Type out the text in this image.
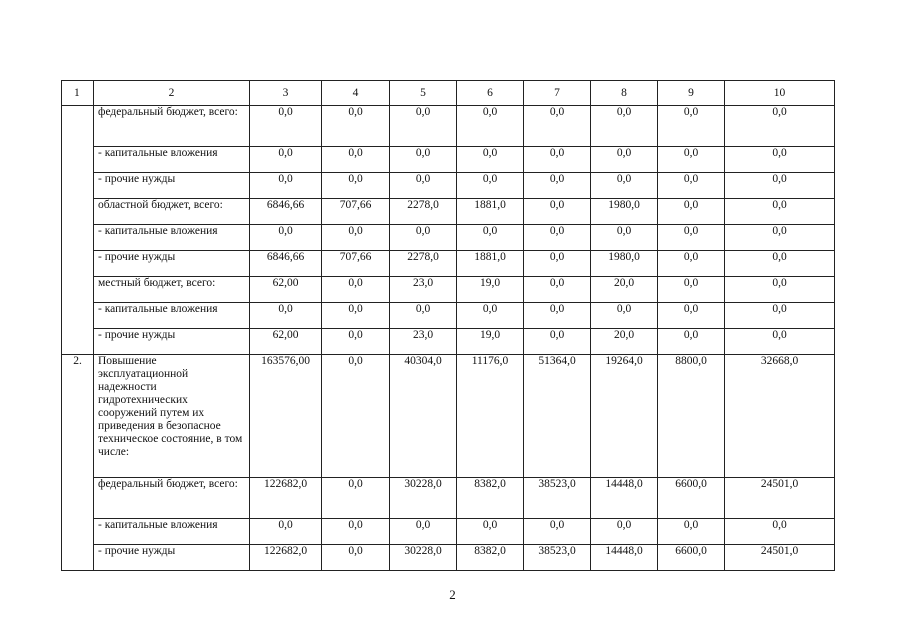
1	2	3	4	5	6	7	8	9	10
	федеральный бюджет, всего:	0,0	0,0	0,0	0,0	0,0	0,0	0,0	0,0
	- капитальные вложения	0,0	0,0	0,0	0,0	0,0	0,0	0,0	0,0
	- прочие нужды	0,0	0,0	0,0	0,0	0,0	0,0	0,0	0,0
	областной бюджет, всего:	6846,66	707,66	2278,0	1881,0	0,0	1980,0	0,0	0,0
	- капитальные вложения	0,0	0,0	0,0	0,0	0,0	0,0	0,0	0,0
	- прочие нужды	6846,66	707,66	2278,0	1881,0	0,0	1980,0	0,0	0,0
	местный бюджет, всего:	62,00	0,0	23,0	19,0	0,0	20,0	0,0	0,0
	- капитальные вложения	0,0	0,0	0,0	0,0	0,0	0,0	0,0	0,0
	- прочие нужды	62,00	0,0	23,0	19,0	0,0	20,0	0,0	0,0
2.	Повышение эксплуатационной надежности гидротехнических сооружений путем их приведения в безопасное техническое состояние, в том числе:	163576,00	0,0	40304,0	11176,0	51364,0	19264,0	8800,0	32668,0
	федеральный бюджет, всего:	122682,0	0,0	30228,0	8382,0	38523,0	14448,0	6600,0	24501,0
	- капитальные вложения	0,0	0,0	0,0	0,0	0,0	0,0	0,0	0,0
	- прочие нужды	122682,0	0,0	30228,0	8382,0	38523,0	14448,0	6600,0	24501,0
2
